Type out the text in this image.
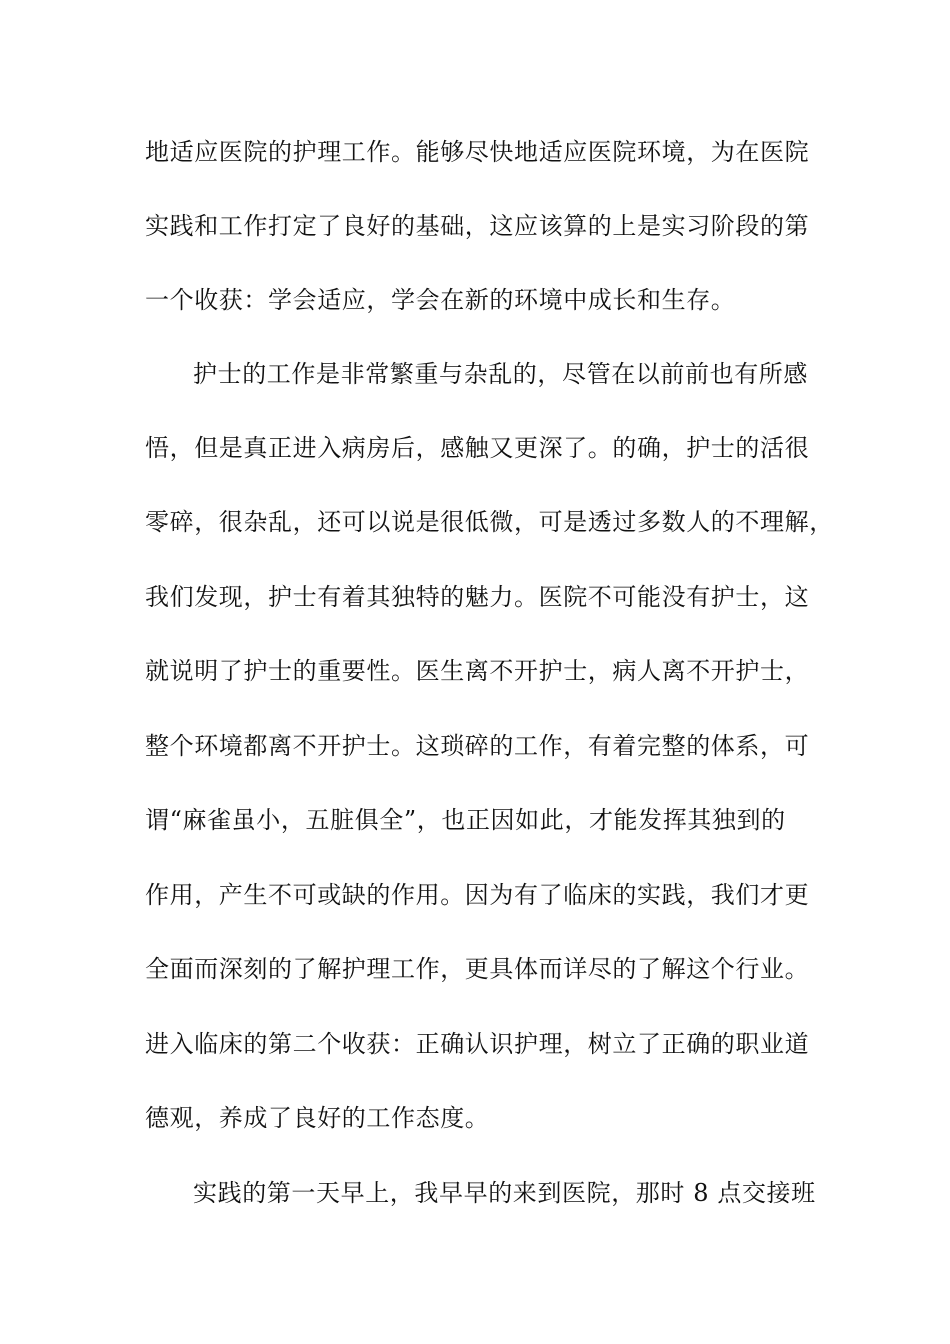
地适应医院的护理工作。能够尽快地适应医院环境，为在医院
实践和工作打定了良好的基础，这应该算的上是实习阶段的第
一个收获：学会适应，学会在新的环境中成长和生存。
护士的工作是非常繁重与杂乱的，尽管在以前前也有所感
悟，但是真正进入病房后，感触又更深了。的确，护士的活很
零碎，很杂乱，还可以说是很低微，可是透过多数人的不理解，
我们发现，护士有着其独特的魅力。医院不可能没有护士，这
就说明了护士的重要性。医生离不开护士，病人离不开护士，
整个环境都离不开护士。这琐碎的工作，有着完整的体系，可
谓“麻雀虽小，五脏俱全”，也正因如此，才能发挥其独到的
作用，产生不可或缺的作用。因为有了临床的实践，我们才更
全面而深刻的了解护理工作，更具体而详尽的了解这个行业。
进入临床的第二个收获：正确认识护理，树立了正确的职业道
德观，养成了良好的工作态度。
实践的第一天早上，我早早的来到医院，那时 8 点交接班
